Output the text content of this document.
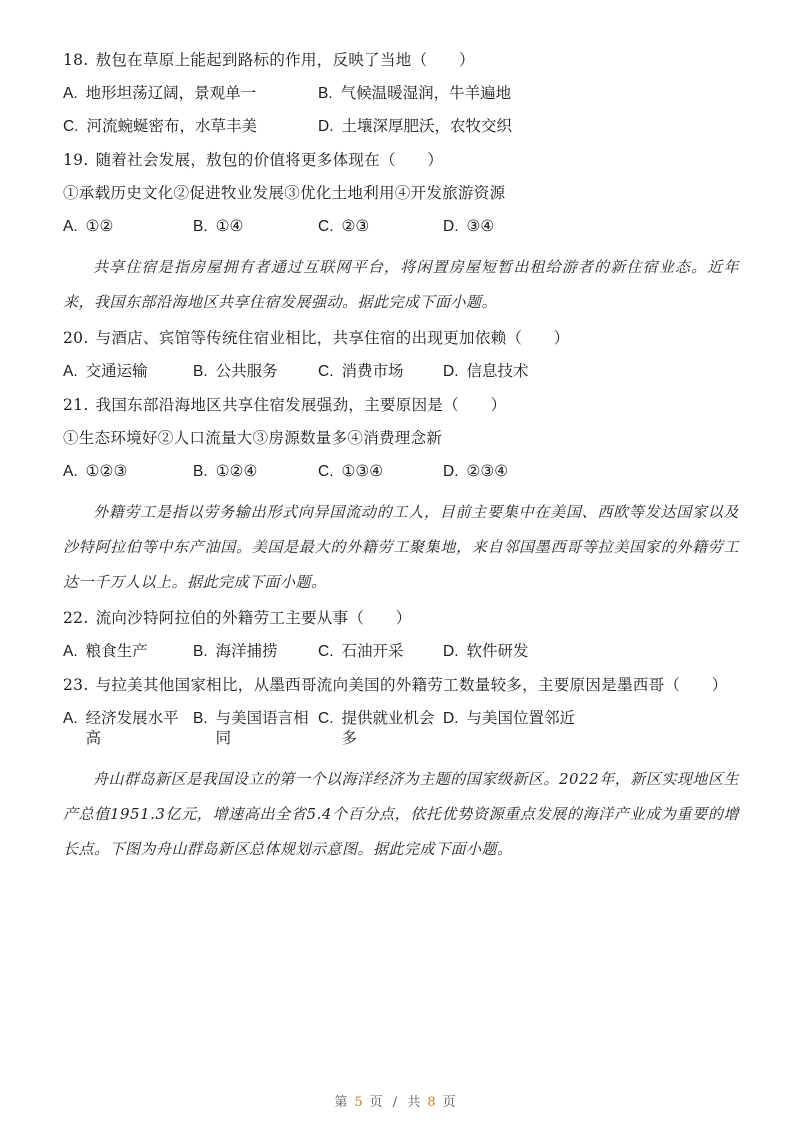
18. 敖包在草原上能起到路标的作用，反映了当地（　　）
A. 地形坦荡辽阔，景观单一	B. 气候温暖湿润，牛羊遍地
C. 河流蜿蜒密布，水草丰美	D. 土壤深厚肥沃，农牧交织
19. 随着社会发展，敖包的价值将更多体现在（　　）
①承载历史文化②促进牧业发展③优化土地利用④开发旅游资源
A. ①②	B. ①④	C. ②③	D. ③④

共享住宿是指房屋拥有者通过互联网平台，将闲置房屋短暂出租给游者的新住宿业态。近年来，我国东部沿海地区共享住宿发展强动。据此完成下面小题。

20. 与酒店、宾馆等传统住宿业相比，共享住宿的出现更加依赖（　　）
A. 交通运输	B. 公共服务	C. 消费市场	D. 信息技术
21. 我国东部沿海地区共享住宿发展强劲，主要原因是（　　）
①生态环境好②人口流量大③房源数量多④消费理念新
A. ①②③	B. ①②④	C. ①③④	D. ②③④

外籍劳工是指以劳务输出形式向异国流动的工人，目前主要集中在美国、西欧等发达国家以及沙特阿拉伯等中东产油国。美国是最大的外籍劳工聚集地，来自邻国墨西哥等拉美国家的外籍劳工达一千万人以上。据此完成下面小题。

22. 流向沙特阿拉伯的外籍劳工主要从事（　　）
A. 粮食生产	B. 海洋捕捞	C. 石油开采	D. 软件研发
23. 与拉美其他国家相比，从墨西哥流向美国的外籍劳工数量较多，主要原因是墨西哥（　　）
A. 经济发展水平高
B. 与美国语言相同
C. 提供就业机会多
D. 与美国位置邻近

舟山群岛新区是我国设立的第一个以海洋经济为主题的国家级新区。2022年，新区实现地区生产总值1951.3亿元，增速高出全省5.4个百分点，依托优势资源重点发展的海洋产业成为重要的增长点。下图为舟山群岛新区总体规划示意图。据此完成下面小题。

第 5 页 / 共 8 页
